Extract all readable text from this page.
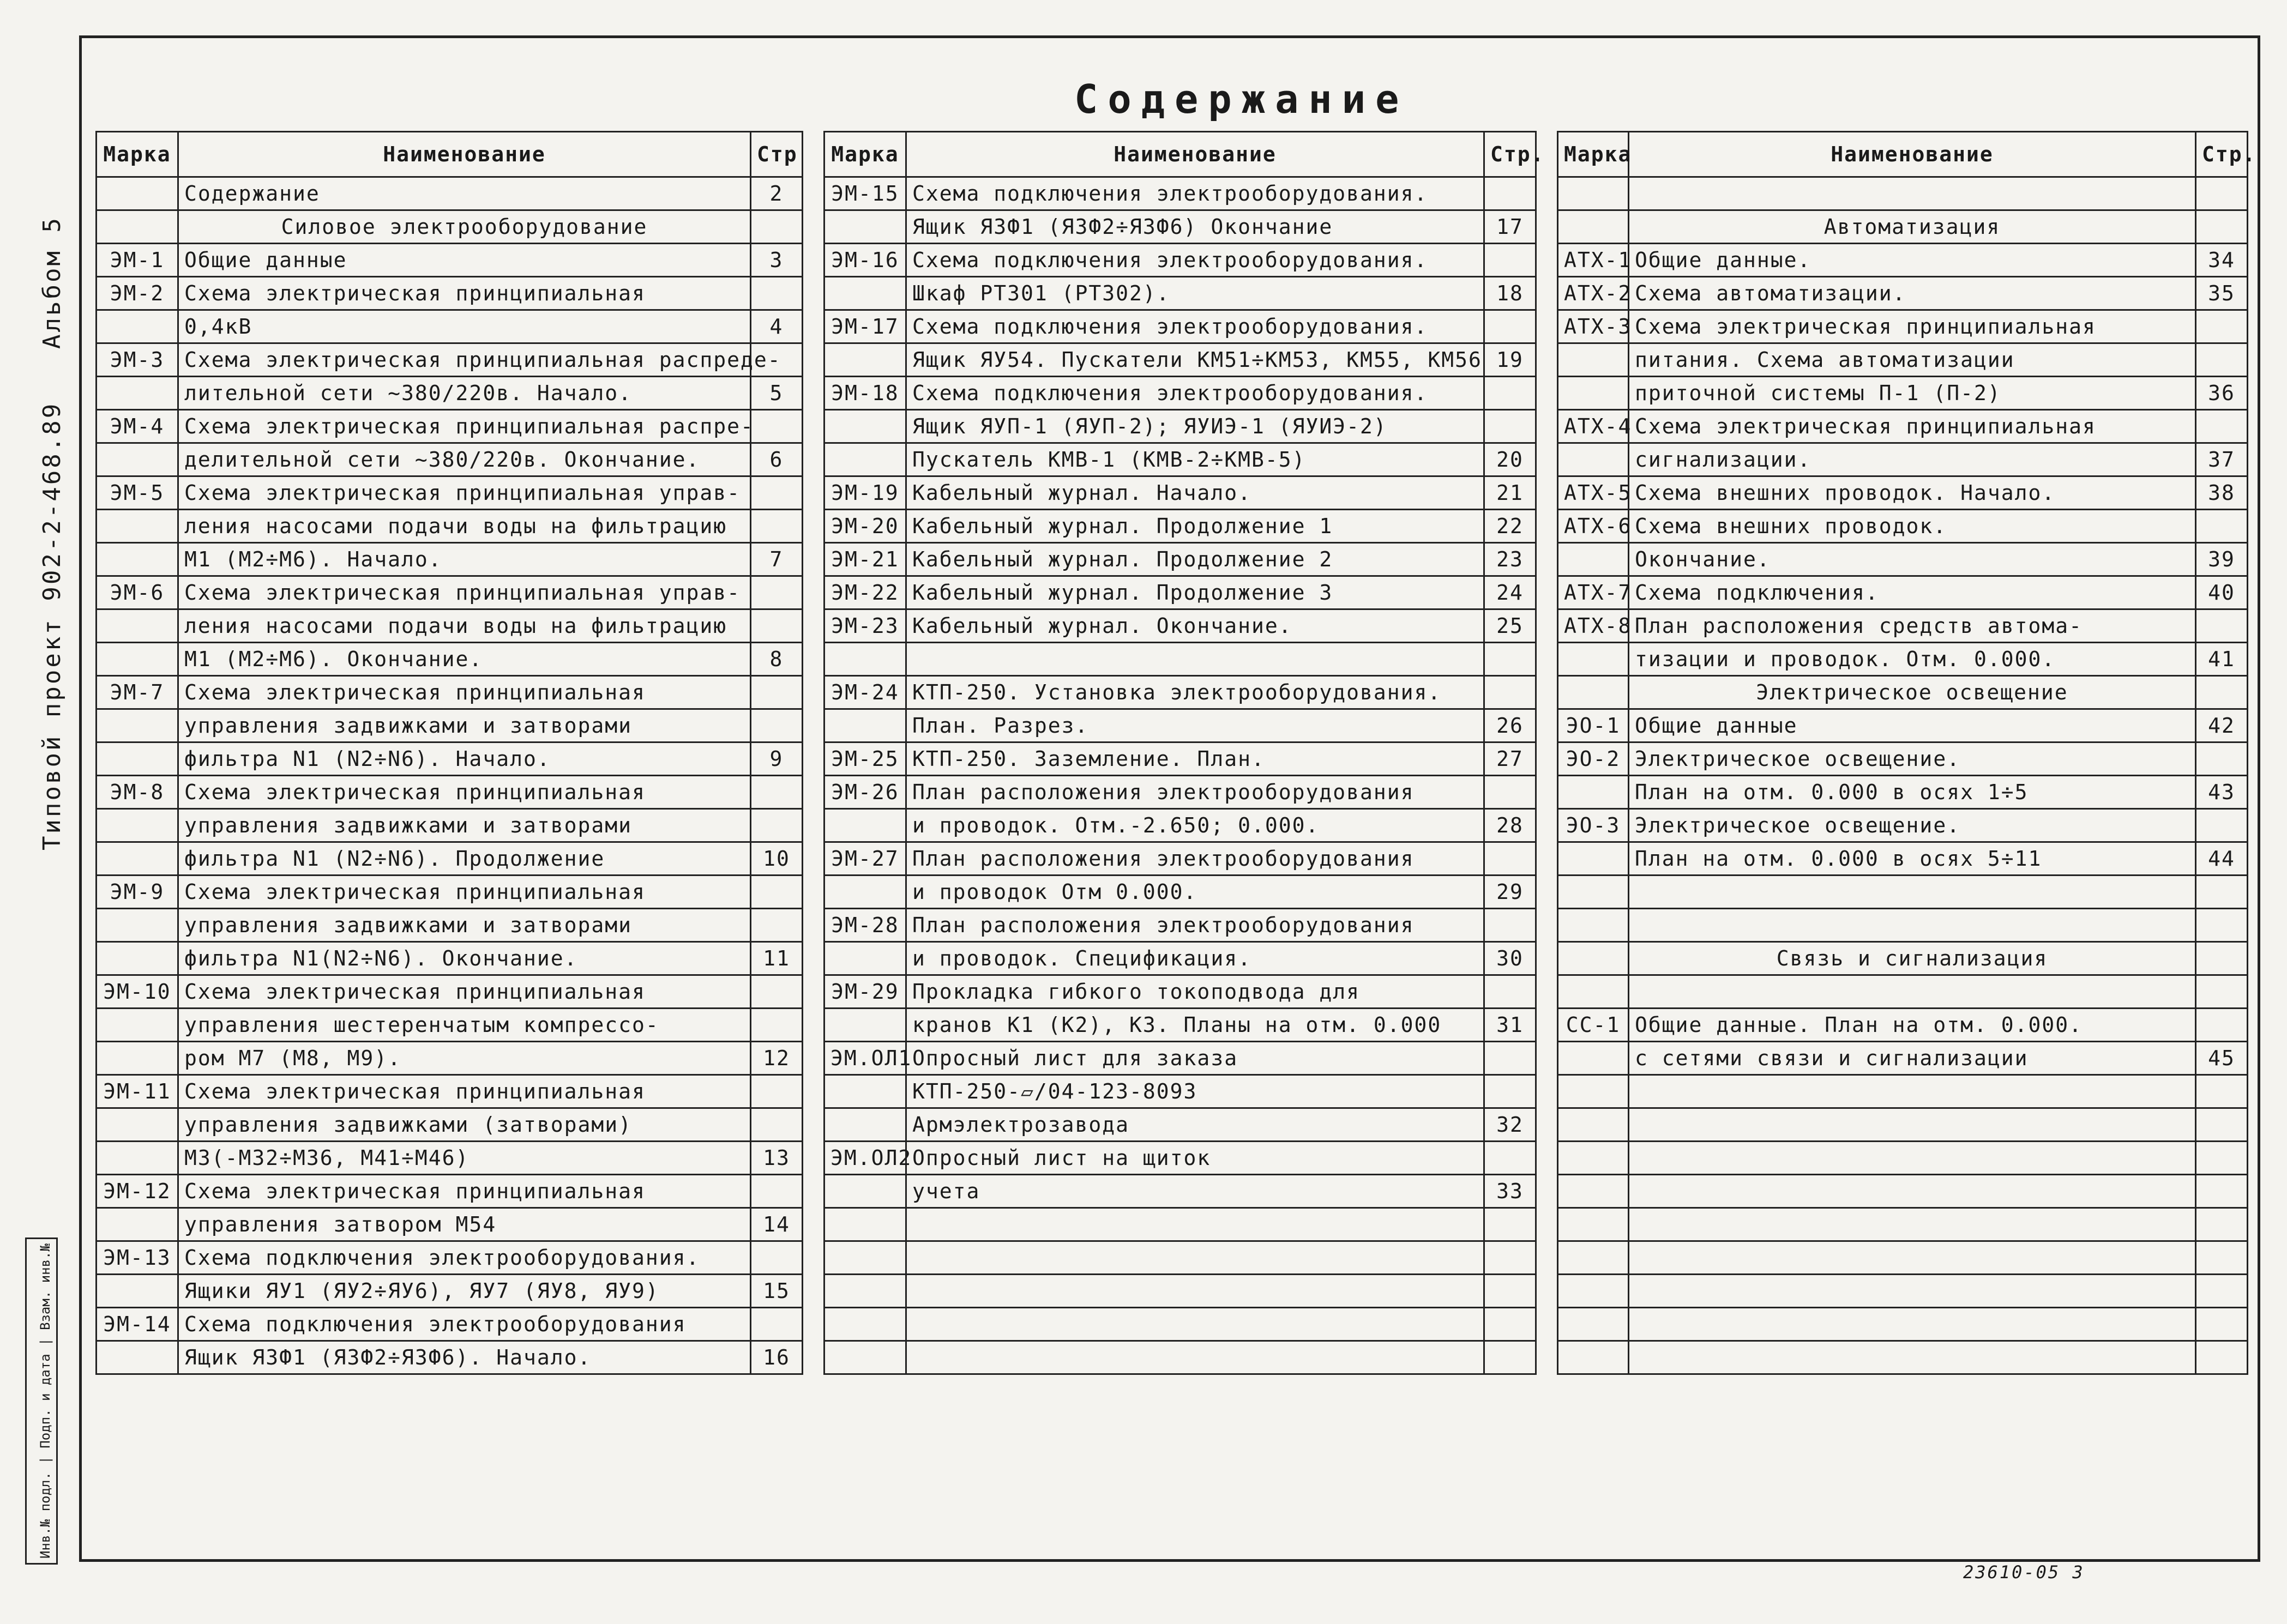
Альбом 5
Типовой проект 902-2-468.89
Содержание
Марка	Наименование	Стр
	Содержание	2
	Силовое электрооборудование	
ЭМ-1	Общие данные	3
ЭМ-2	Схема электрическая принципиальная	
	0,4кВ	4
ЭМ-3	Схема электрическая принципиальная распреде-	
	лительной сети ~380/220в. Начало.	5
ЭМ-4	Схема электрическая принципиальная распре-	
	делительной сети ~380/220в. Окончание.	6
ЭМ-5	Схема электрическая принципиальная управ-	
	ления насосами подачи воды на фильтрацию	
	М1 (М2÷М6). Начало.	7
ЭМ-6	Схема электрическая принципиальная управ-	
	ления насосами подачи воды на фильтрацию	
	М1 (М2÷М6). Окончание.	8
ЭМ-7	Схема электрическая принципиальная	
	управления задвижками и затворами	
	фильтра N1 (N2÷N6). Начало.	9
ЭМ-8	Схема электрическая принципиальная	
	управления задвижками и затворами	
	фильтра N1 (N2÷N6). Продолжение	10
ЭМ-9	Схема электрическая принципиальная	
	управления задвижками и затворами	
	фильтра N1(N2÷N6). Окончание.	11
ЭМ-10	Схема электрическая принципиальная	
	управления шестеренчатым компрессо-	
	ром М7 (М8, М9).	12
ЭМ-11	Схема электрическая принципиальная	
	управления задвижками (затворами)	
	М3(-М32÷М36, М41÷М46)	13
ЭМ-12	Схема электрическая принципиальная	
	управления затвором М54	14
ЭМ-13	Схема подключения электрооборудования.	
	Ящики ЯУ1 (ЯУ2÷ЯУ6), ЯУ7 (ЯУ8, ЯУ9)	15
ЭМ-14	Схема подключения электрооборудования	
	Ящик ЯЗФ1 (ЯЗФ2÷ЯЗФ6). Начало.	16
Марка	Наименование	Стр.
ЭМ-15	Схема подключения электрооборудования.	
	Ящик ЯЗФ1 (ЯЗФ2÷ЯЗФ6) Окончание	17
ЭМ-16	Схема подключения электрооборудования.	
	Шкаф РТ301 (РТ302).	18
ЭМ-17	Схема подключения электрооборудования.	
	Ящик ЯУ54. Пускатели КМ51÷КМ53, КМ55, КМ56	19
ЭМ-18	Схема подключения электрооборудования.	
	Ящик ЯУП-1 (ЯУП-2); ЯУИЭ-1 (ЯУИЭ-2)	
	Пускатель КМВ-1 (КМВ-2÷КМВ-5)	20
ЭМ-19	Кабельный журнал. Начало.	21
ЭМ-20	Кабельный журнал. Продолжение 1	22
ЭМ-21	Кабельный журнал. Продолжение 2	23
ЭМ-22	Кабельный журнал. Продолжение 3	24
ЭМ-23	Кабельный журнал. Окончание.	25

ЭМ-24	КТП-250. Установка электрооборудования.	
	План. Разрез.	26
ЭМ-25	КТП-250. Заземление. План.	27
ЭМ-26	План расположения электрооборудования	
	и проводок. Отм.-2.650; 0.000.	28
ЭМ-27	План расположения электрооборудования	
	и проводок Отм 0.000.	29
ЭМ-28	План расположения электрооборудования	
	и проводок. Спецификация.	30
ЭМ-29	Прокладка гибкого токоподвода для	
	кранов К1 (К2), К3. Планы на отм. 0.000	31
ЭМ.ОЛ1	Опросный лист для заказа	
	КТП-250-▱/04-123-8093	
	Армэлектрозавода	32
ЭМ.ОЛ2	Опросный лист на щиток	
	учета	33

Марка	Наименование	Стр.

	Автоматизация	
АТХ-1	Общие данные.	34
АТХ-2	Схема автоматизации.	35
АТХ-3	Схема электрическая принципиальная	
	питания. Схема автоматизации	
	приточной системы П-1 (П-2)	36
АТХ-4	Схема электрическая принципиальная	
	сигнализации.	37
АТХ-5	Схема внешних проводок. Начало.	38
АТХ-6	Схема внешних проводок.	
	Окончание.	39
АТХ-7	Схема подключения.	40
АТХ-8	План расположения средств автома-	
	тизации и проводок. Отм. 0.000.	41
	Электрическое освещение	
ЭО-1	Общие данные	42
ЭО-2	Электрическое освещение.	
	План на отм. 0.000 в осях 1÷5	43
ЭО-3	Электрическое освещение.	
	План на отм. 0.000 в осях 5÷11	44

	Связь и сигнализация	

СС-1	Общие данные. План на отм. 0.000.	
	с сетями связи и сигнализации	45

Инв.№ подл. | Подп. и дата | Взам. инв.№
23610-05 3
